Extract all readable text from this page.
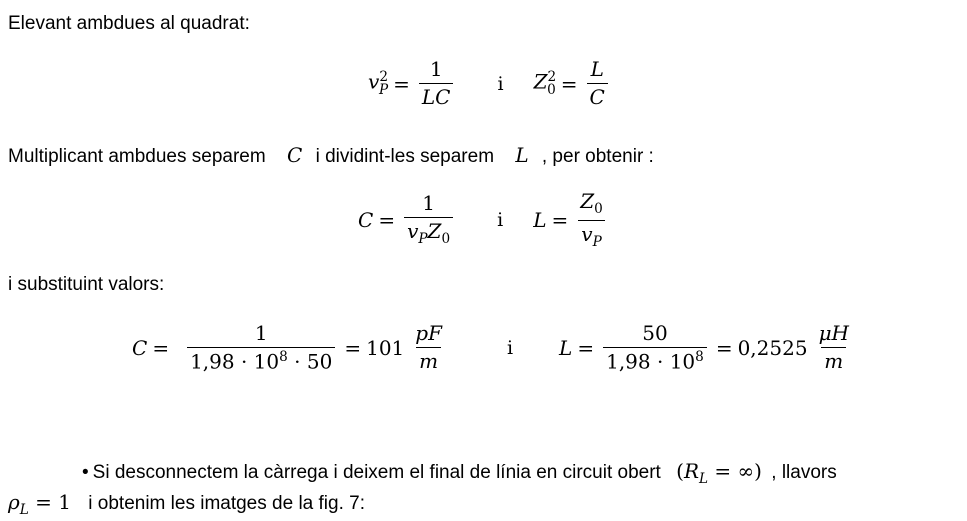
Elevant ambdues al quadrat:
$v^2_P = \frac{1}{LC}$ i $Z^2_0 = \frac{L}{C}$
Multiplicant ambdues separem C i dividint-les separem L , per obtenir :
$C = \frac{1}{v_PZ_0}$ i $L = \frac{Z_0}{v_P}$
i substituint valors:
$C = \frac{1}{1,98 \cdot 10^8 \cdot 50} = 101 \frac{pF}{m}$	i $L = \frac{50}{1,98 \cdot 10^8} = 0,2525 \frac{\mu H}{m}$
• Si desconnectem la càrrega i deixem el final de línia en circuit obert ($R_L$ = ∞) , llavors
$\rho_L = 1$ i obtenim les imatges de la fig. 7:
